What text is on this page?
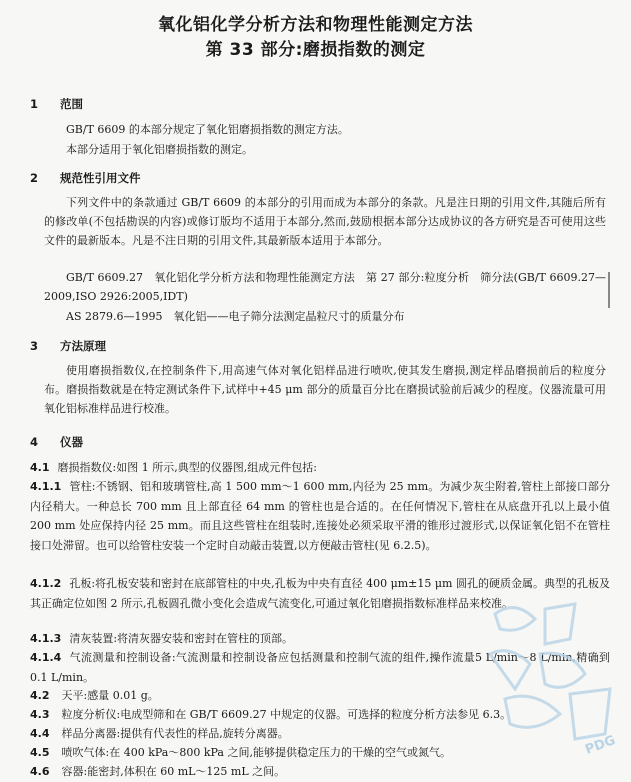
氧化铝化学分析方法和物理性能测定方法
第 33 部分:磨损指数的测定
1 范围
GB/T 6609 的本部分规定了氧化铝磨损指数的测定方法。
本部分适用于氧化铝磨损指数的测定。
2 规范性引用文件
下列文件中的条款通过 GB/T 6609 的本部分的引用而成为本部分的条款。凡是注日期的引用文件,其随后所有的修改单(不包括勘误的内容)或修订版均不适用于本部分,然而,鼓励根据本部分达成协议的各方研究是否可使用这些文件的最新版本。凡是不注日期的引用文件,其最新版本适用于本部分。
GB/T 6609.27　氧化铝化学分析方法和物理性能测定方法　第 27 部分:粒度分析　筛分法(GB/T 6609.27—2009,ISO 2926:2005,IDT)
AS 2879.6—1995　氧化铝——电子筛分法测定晶粒尺寸的质量分布
3 方法原理
使用磨损指数仪,在控制条件下,用高速气体对氧化铝样品进行喷吹,使其发生磨损,测定样品磨损前后的粒度分布。磨损指数就是在特定测试条件下,试样中+45 μm 部分的质量百分比在磨损试验前后减少的程度。仪器流量可用氧化铝标准样品进行校准。
4 仪器
4.1 磨损指数仪:如图 1 所示,典型的仪器图,组成元件包括:
4.1.1 管柱:不锈钢、铝和玻璃管柱,高 1 500 mm～1 600 mm,内径为 25 mm。为减少灰尘附着,管柱上部接口部分内径稍大。一种总长 700 mm 且上部直径 64 mm 的管柱也是合适的。在任何情况下,管柱在从底盘开孔以上最小值 200 mm 处应保持内径 25 mm。而且这些管柱在组装时,连接处必须采取平滑的锥形过渡形式,以保证氧化铝不在管柱接口处滞留。也可以给管柱安装一个定时自动敲击装置,以方便敲击管柱(见 6.2.5)。
4.1.2 孔板:将孔板安装和密封在底部管柱的中央,孔板为中央有直径 400 μm±15 μm 圆孔的硬质金属。典型的孔板及其正确定位如图 2 所示,孔板圆孔微小变化会造成气流变化,可通过氧化铝磨损指数标准样品来校准。
4.1.3 清灰装置:将清灰器安装和密封在管柱的顶部。
4.1.4 气流测量和控制设备:气流测量和控制设备应包括测量和控制气流的组件,操作流量5 L/min～8 L/min,精确到 0.1 L/min。
4.2 天平:感量 0.01 g。
4.3 粒度分析仪:电成型筛和在 GB/T 6609.27 中规定的仪器。可选择的粒度分析方法参见 6.3。
4.4 样品分离器:提供有代表性的样品,旋转分离器。
4.5 喷吹气体:在 400 kPa～800 kPa 之间,能够提供稳定压力的干燥的空气或氮气。
4.6 容器:能密封,体积在 60 mL～125 mL 之间。
PDG
